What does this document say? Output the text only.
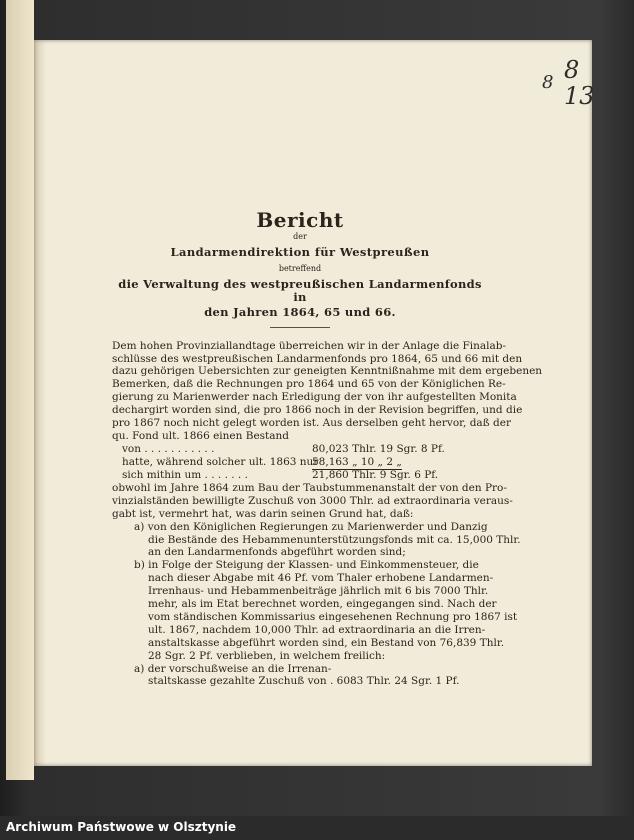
8 8
13
Bericht
der
Landarmendirektion für Westpreußen
betreffend
die Verwaltung des westpreußischen Landarmenfonds in
den Jahren 1864, 65 und 66.

Dem hohen Provinziallandtage überreichen wir in der Anlage die Finalab-

schlüsse des westpreußischen Landarmenfonds pro 1864, 65 und 66 mit den

dazu gehörigen Uebersichten zur geneigten Kenntnißnahme mit dem ergebenen

Bemerken, daß die Rechnungen pro 1864 und 65 von der Königlichen Re-

gierung zu Marienwerder nach Erledigung der von ihr aufgestellten Monita

dechargirt worden sind, die pro 1866 noch in der Revision begriffen, und die

pro 1867 noch nicht gelegt worden ist. Aus derselben geht hervor, daß der

qu. Fond ult. 1866 einen Bestand

von . . . . . . . . . . .	80,023 Thlr. 19 Sgr. 8 Pf.
hatte, während solcher ult. 1863 nur
58,163 „ 10 „ 2 „
sich mithin um . . . . . . .	21,860 Thlr. 9 Sgr. 6 Pf.

obwohl im Jahre 1864 zum Bau der Taubstummenanstalt der von den Pro-

vinzialständen bewilligte Zuschuß von 3000 Thlr. ad extraordinaria veraus-

gabt ist, vermehrt hat, was darin seinen Grund hat, daß:

a) von den Königlichen Regierungen zu Marienwerder und Danzig
die Bestände des Hebammenunterstützungsfonds mit ca. 15,000 Thlr.
an den Landarmenfonds abgeführt worden sind;
b) in Folge der Steigung der Klassen- und Einkommensteuer, die
nach dieser Abgabe mit 46 Pf. vom Thaler erhobene Landarmen-
Irrenhaus- und Hebammenbeiträge jährlich mit 6 bis 7000 Thlr.
mehr, als im Etat berechnet worden, eingegangen sind. Nach der
vom ständischen Kommissarius eingesehenen Rechnung pro 1867 ist
ult. 1867, nachdem 10,000 Thlr. ad extraordinaria an die Irren-
anstaltskasse abgeführt worden sind, ein Bestand von 76,839 Thlr.
28 Sgr. 2 Pf. verblieben, in welchem freilich:
a) der vorschußweise an die Irrenan-
staltskasse gezahlte Zuschuß von . 6083 Thlr. 24 Sgr. 1 Pf.
Archiwum Państwowe w Olsztynie
